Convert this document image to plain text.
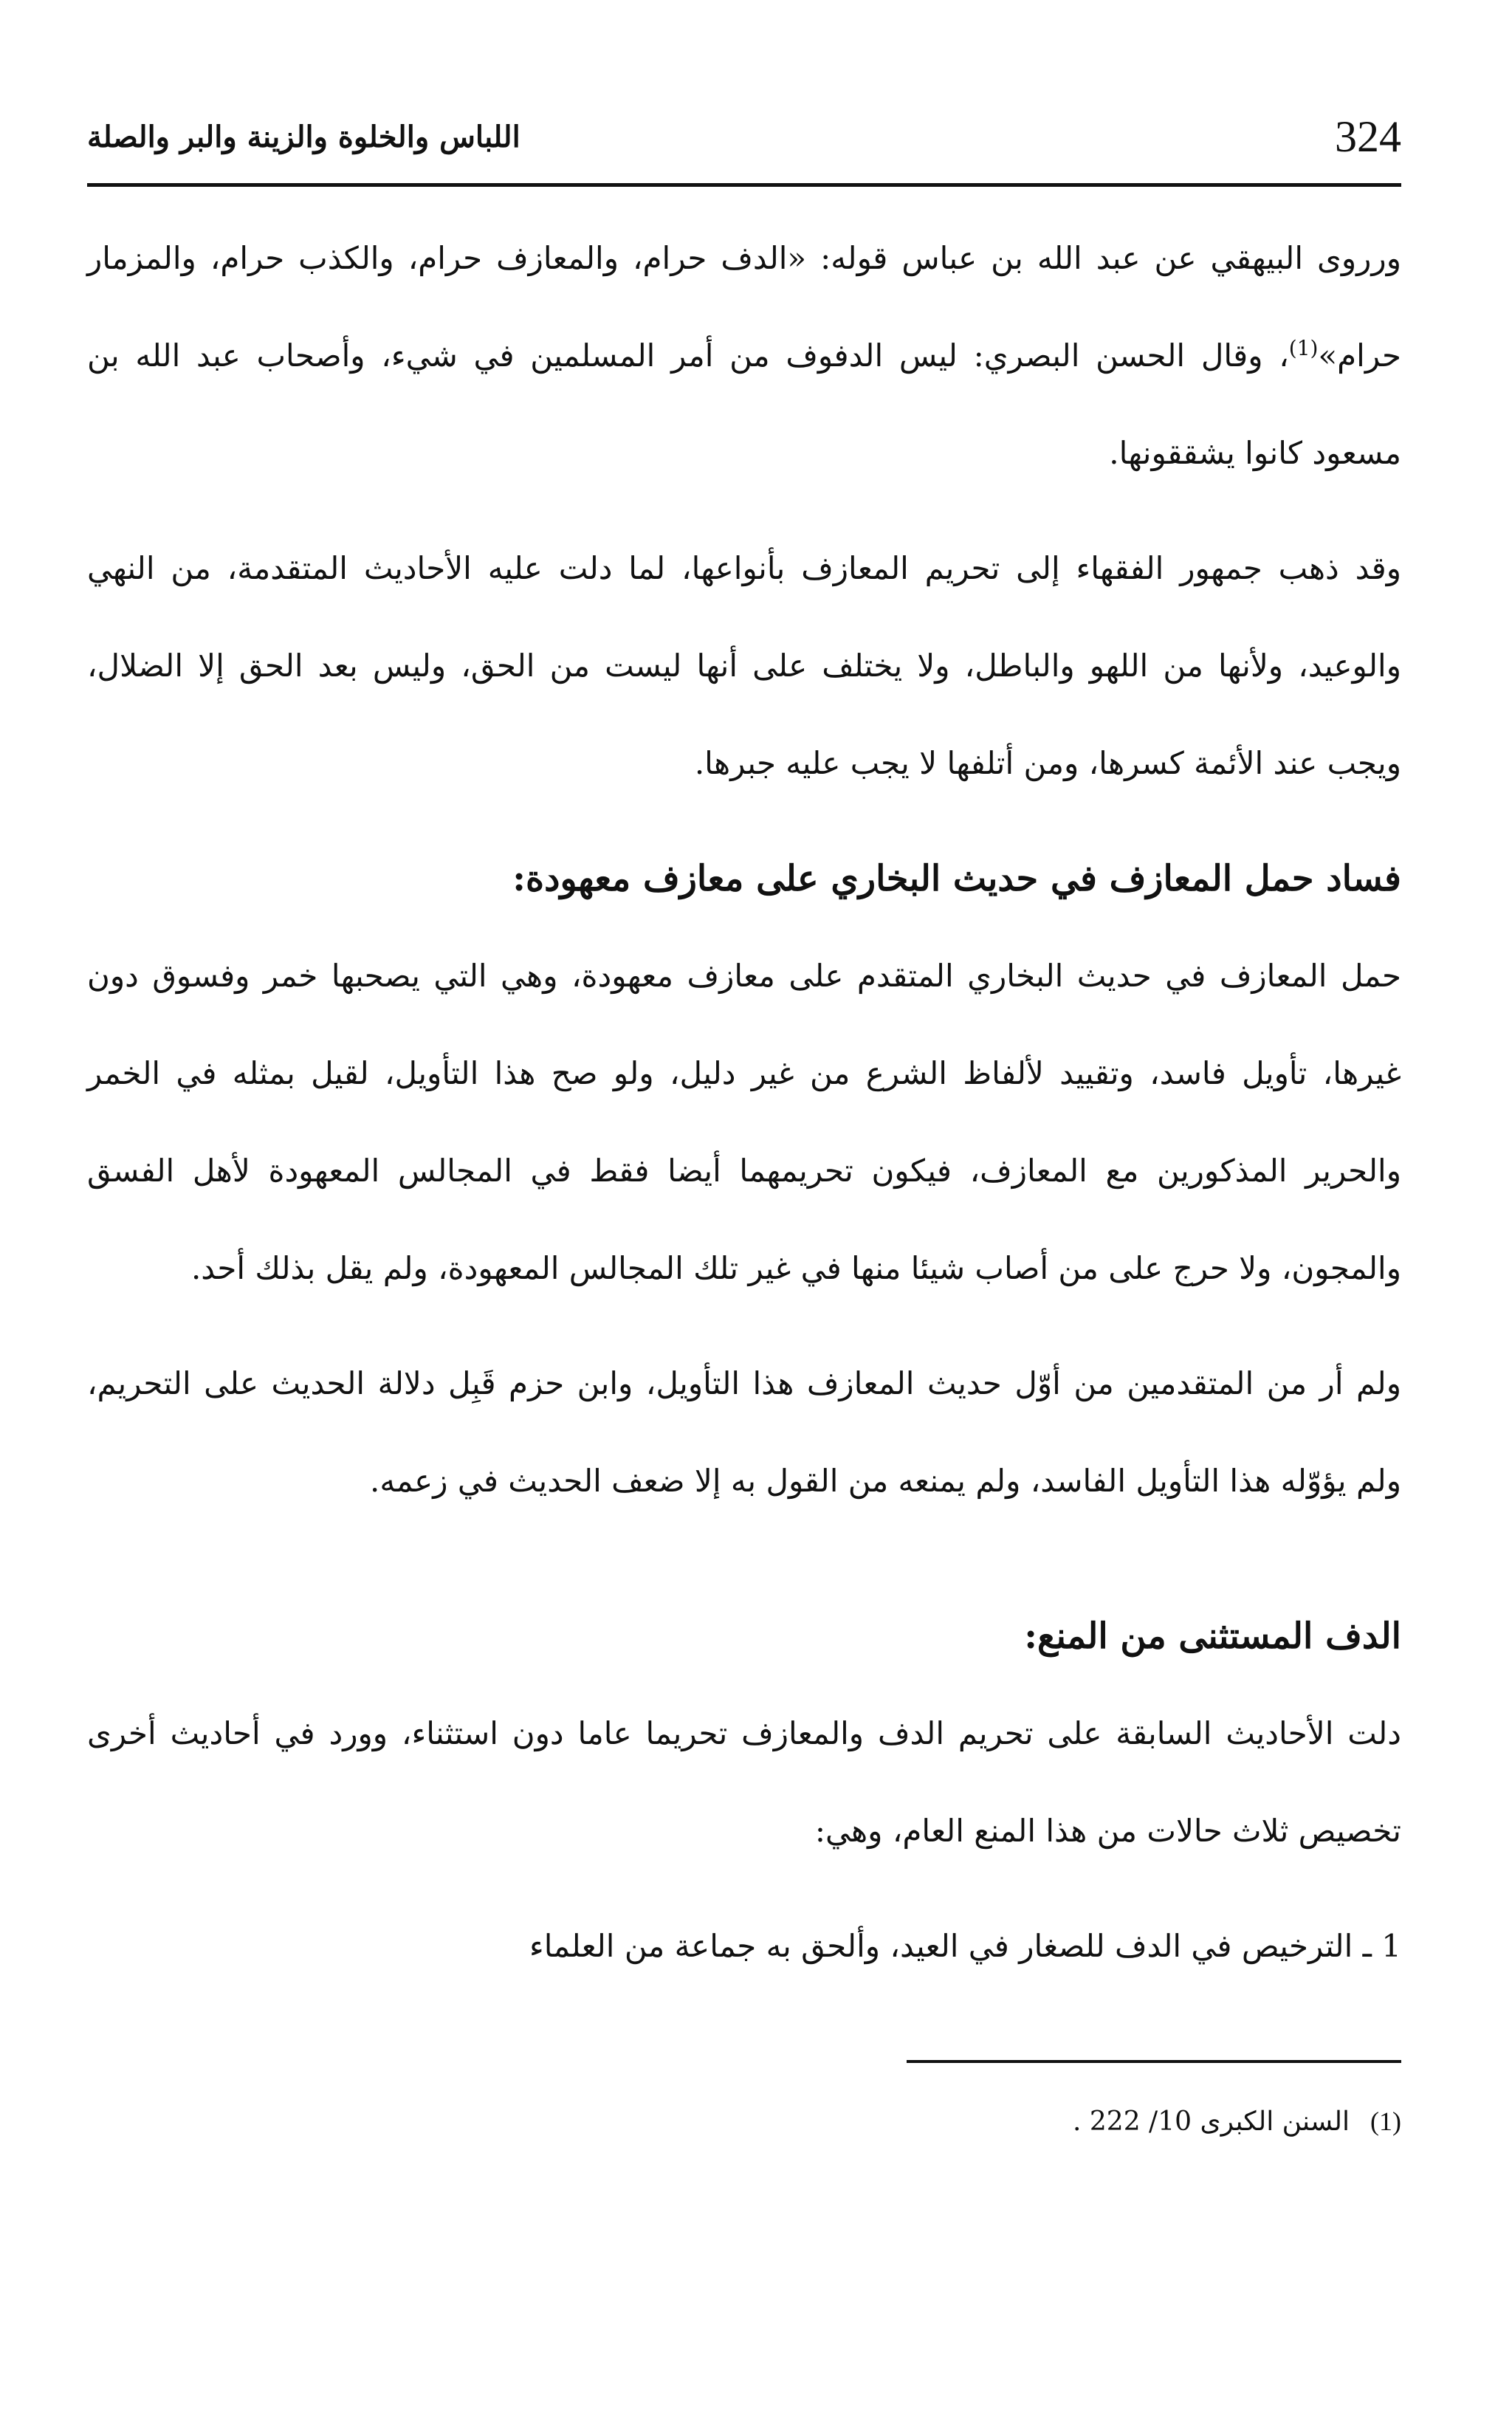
324
اللباس والخلوة والزينة والبر والصلة

ورروى البيهقي عن عبد الله بن عباس قوله: «الدف حرام، والمعازف حرام، والكذب حرام، والمزمار حرام»$^{(1)}$، وقال الحسن البصري: ليس الدفوف من أمر المسلمين في شيء، وأصحاب عبد الله بن مسعود كانوا يشققونها.

وقد ذهب جمهور الفقهاء إلى تحريم المعازف بأنواعها، لما دلت عليه الأحاديث المتقدمة، من النهي والوعيد، ولأنها من اللهو والباطل، ولا يختلف على أنها ليست من الحق، وليس بعد الحق إلا الضلال، ويجب عند الأئمة كسرها، ومن أتلفها لا يجب عليه جبرها.

فساد حمل المعازف في حديث البخاري على معازف معهودة:

حمل المعازف في حديث البخاري المتقدم على معازف معهودة، وهي التي يصحبها خمر وفسوق دون غيرها، تأويل فاسد، وتقييد لألفاظ الشرع من غير دليل، ولو صح هذا التأويل، لقيل بمثله في الخمر والحرير المذكورين مع المعازف، فيكون تحريمهما أيضا فقط في المجالس المعهودة لأهل الفسق والمجون، ولا حرج على من أصاب شيئا منها في غير تلك المجالس المعهودة، ولم يقل بذلك أحد.

ولم أر من المتقدمين من أوّل حديث المعازف هذا التأويل، وابن حزم قَبِل دلالة الحديث على التحريم، ولم يؤوّله هذا التأويل الفاسد، ولم يمنعه من القول به إلا ضعف الحديث في زعمه.

الدف المستثنى من المنع:

دلت الأحاديث السابقة على تحريم الدف والمعازف تحريما عاما دون استثناء، وورد في أحاديث أخرى تخصيص ثلاث حالات من هذا المنع العام، وهي:

1 ـ الترخيص في الدف للصغار في العيد، وألحق به جماعة من العلماء

(1)
السنن الكبرى 10/ 222 .
